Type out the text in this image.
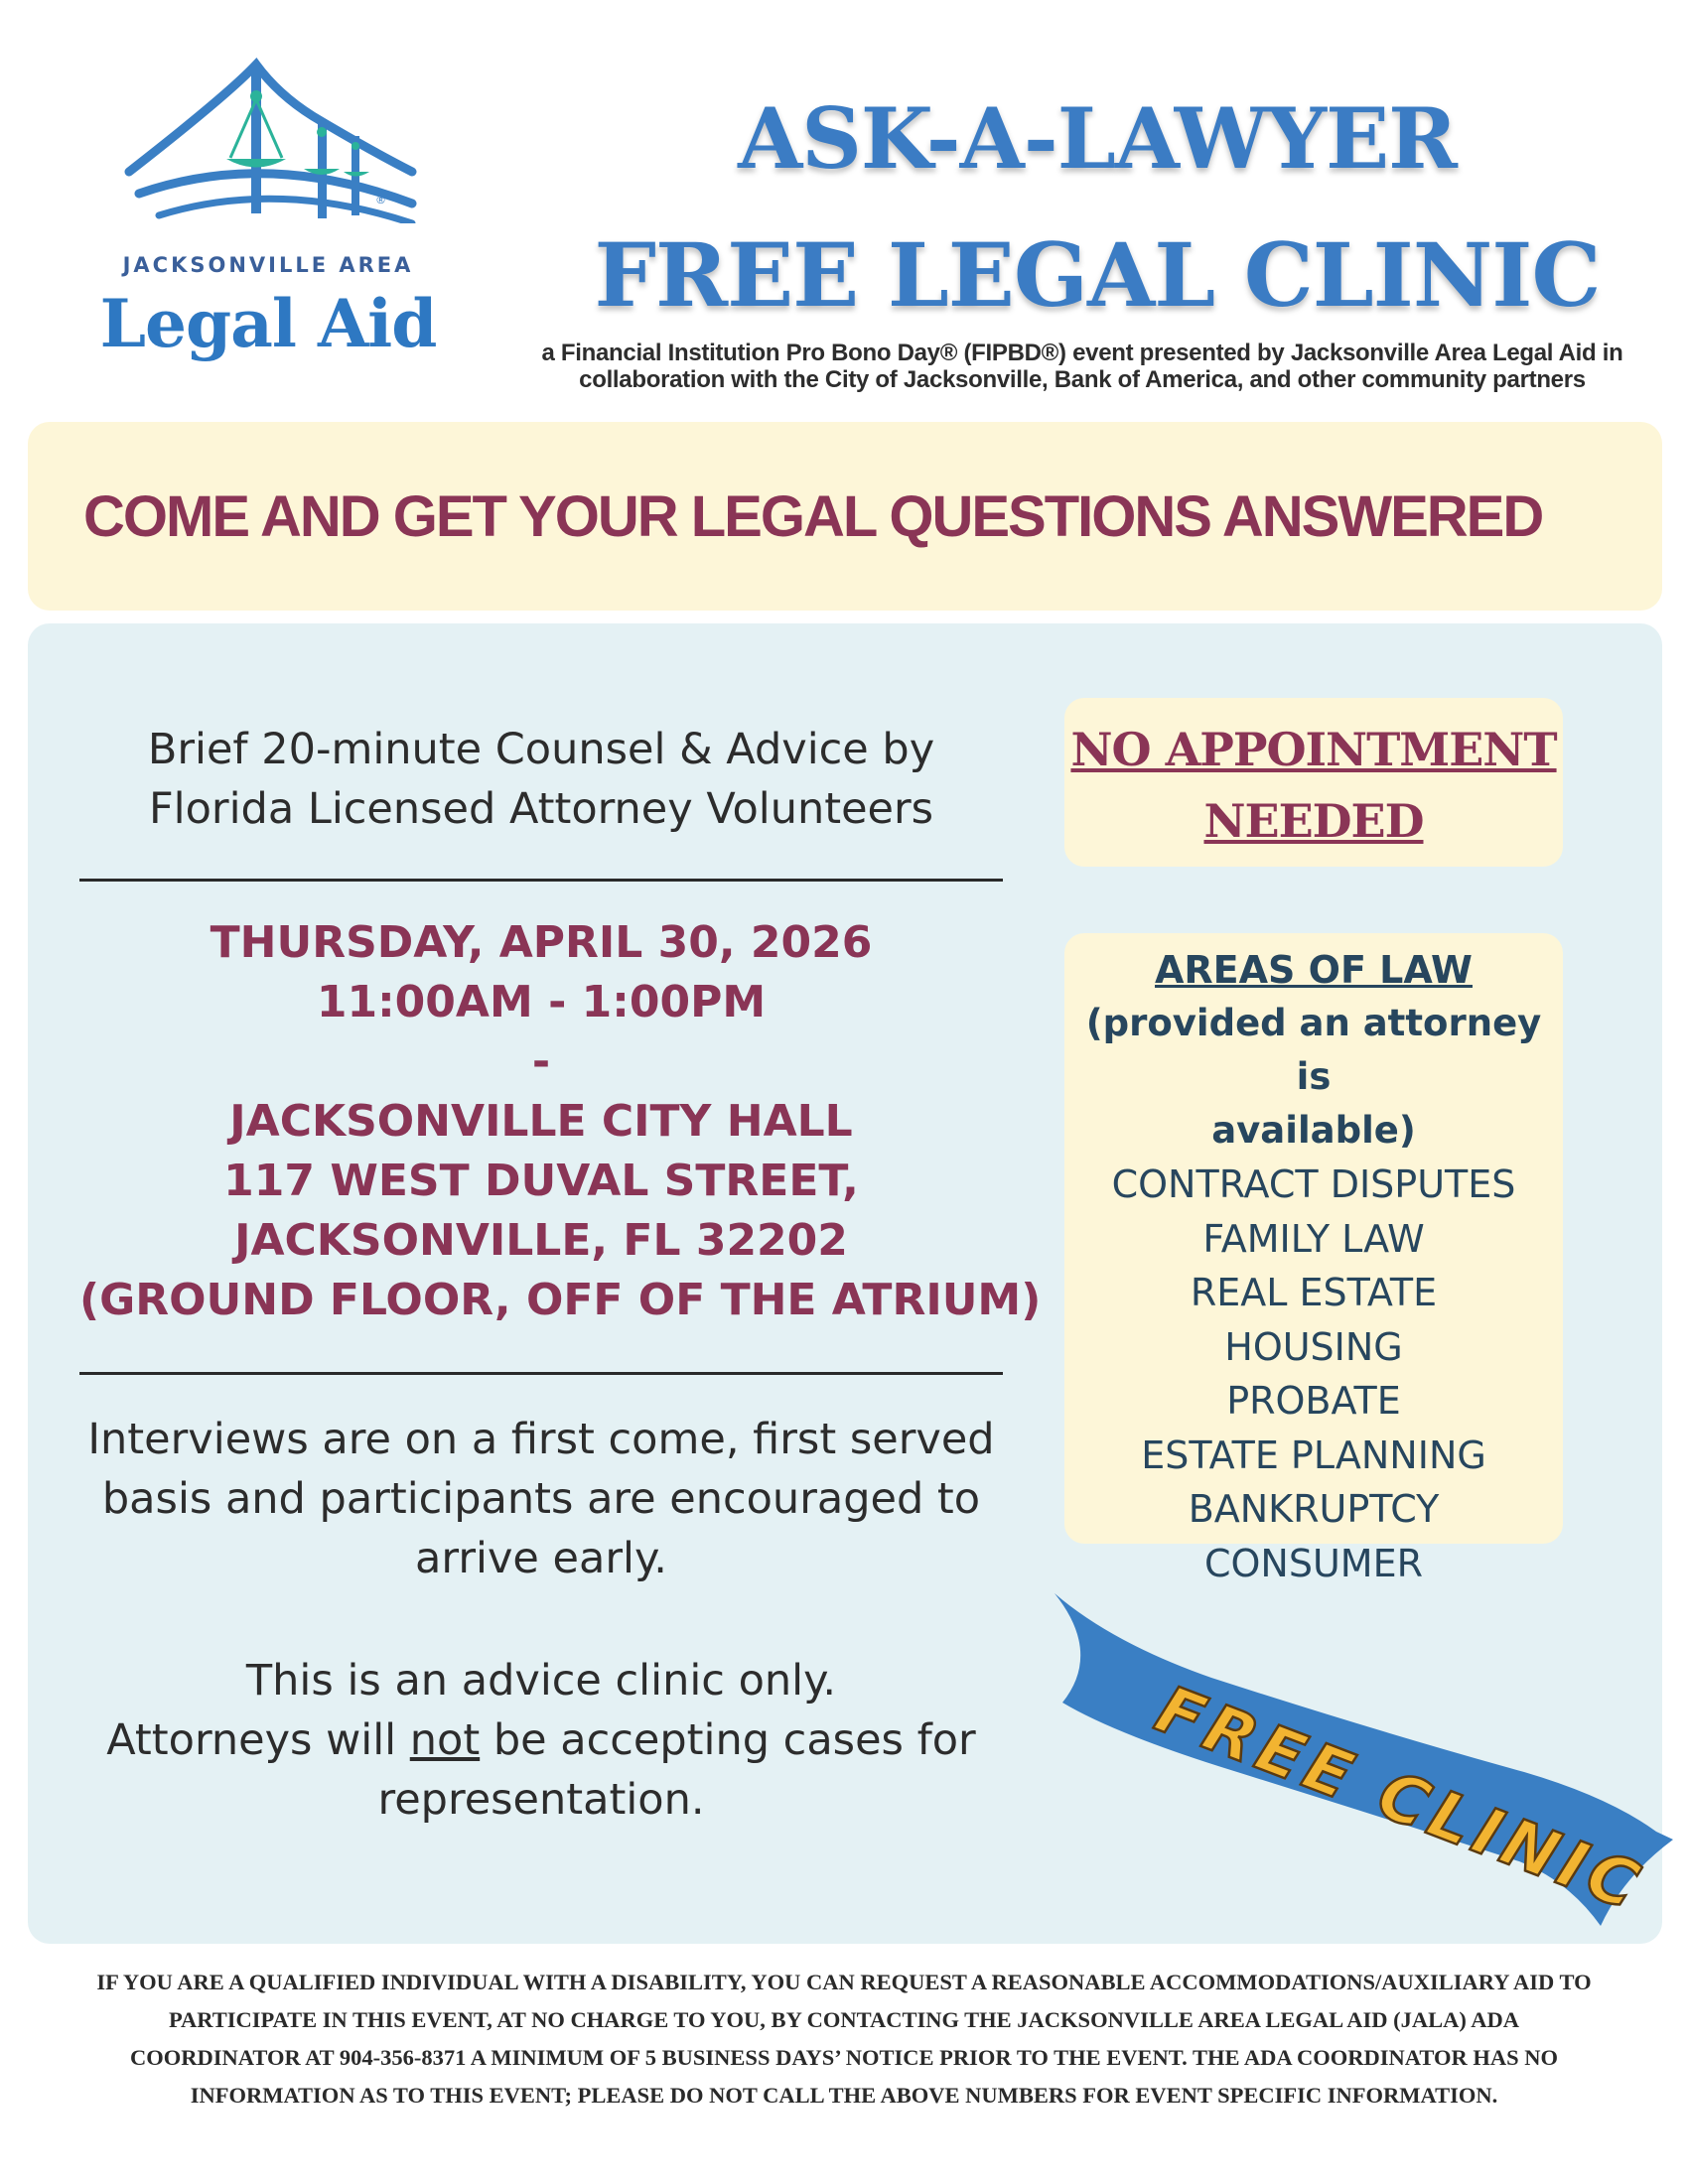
®
JACKSONVILLE AREA
Legal Aid
ASK-A-LAWYER
FREE LEGAL CLINIC
a Financial Institution Pro Bono Day® (FIPBD®) event presented by Jacksonville Area Legal Aid in
collaboration with the City of Jacksonville, Bank of America, and other community partners
COME AND GET YOUR LEGAL QUESTIONS ANSWERED
Brief 20-minute Counsel & Advice by
Florida Licensed Attorney Volunteers
THURSDAY, APRIL 30, 2026
11:00AM - 1:00PM
-
JACKSONVILLE CITY HALL
117 WEST DUVAL STREET,
JACKSONVILLE, FL 32202
(GROUND FLOOR, OFF OF THE ATRIUM)
Interviews are on a first come, first served
basis and participants are encouraged to
arrive early.
This is an advice clinic only.
Attorneys will not be accepting cases for
representation.
NO APPOINTMENT
NEEDED
AREAS OF LAW
(provided an attorney is
available)
CONTRACT DISPUTES
FAMILY LAW
REAL ESTATE
HOUSING
PROBATE
ESTATE PLANNING
BANKRUPTCY
CONSUMER
FREE CLINIC
IF YOU ARE A QUALIFIED INDIVIDUAL WITH A DISABILITY, YOU CAN REQUEST A REASONABLE ACCOMMODATIONS/AUXILIARY AID TO
PARTICIPATE IN THIS EVENT, AT NO CHARGE TO YOU, BY CONTACTING THE JACKSONVILLE AREA LEGAL AID (JALA) ADA
COORDINATOR AT 904-356-8371 A MINIMUM OF 5 BUSINESS DAYS’ NOTICE PRIOR TO THE EVENT. THE ADA COORDINATOR HAS NO
INFORMATION AS TO THIS EVENT; PLEASE DO NOT CALL THE ABOVE NUMBERS FOR EVENT SPECIFIC INFORMATION.
